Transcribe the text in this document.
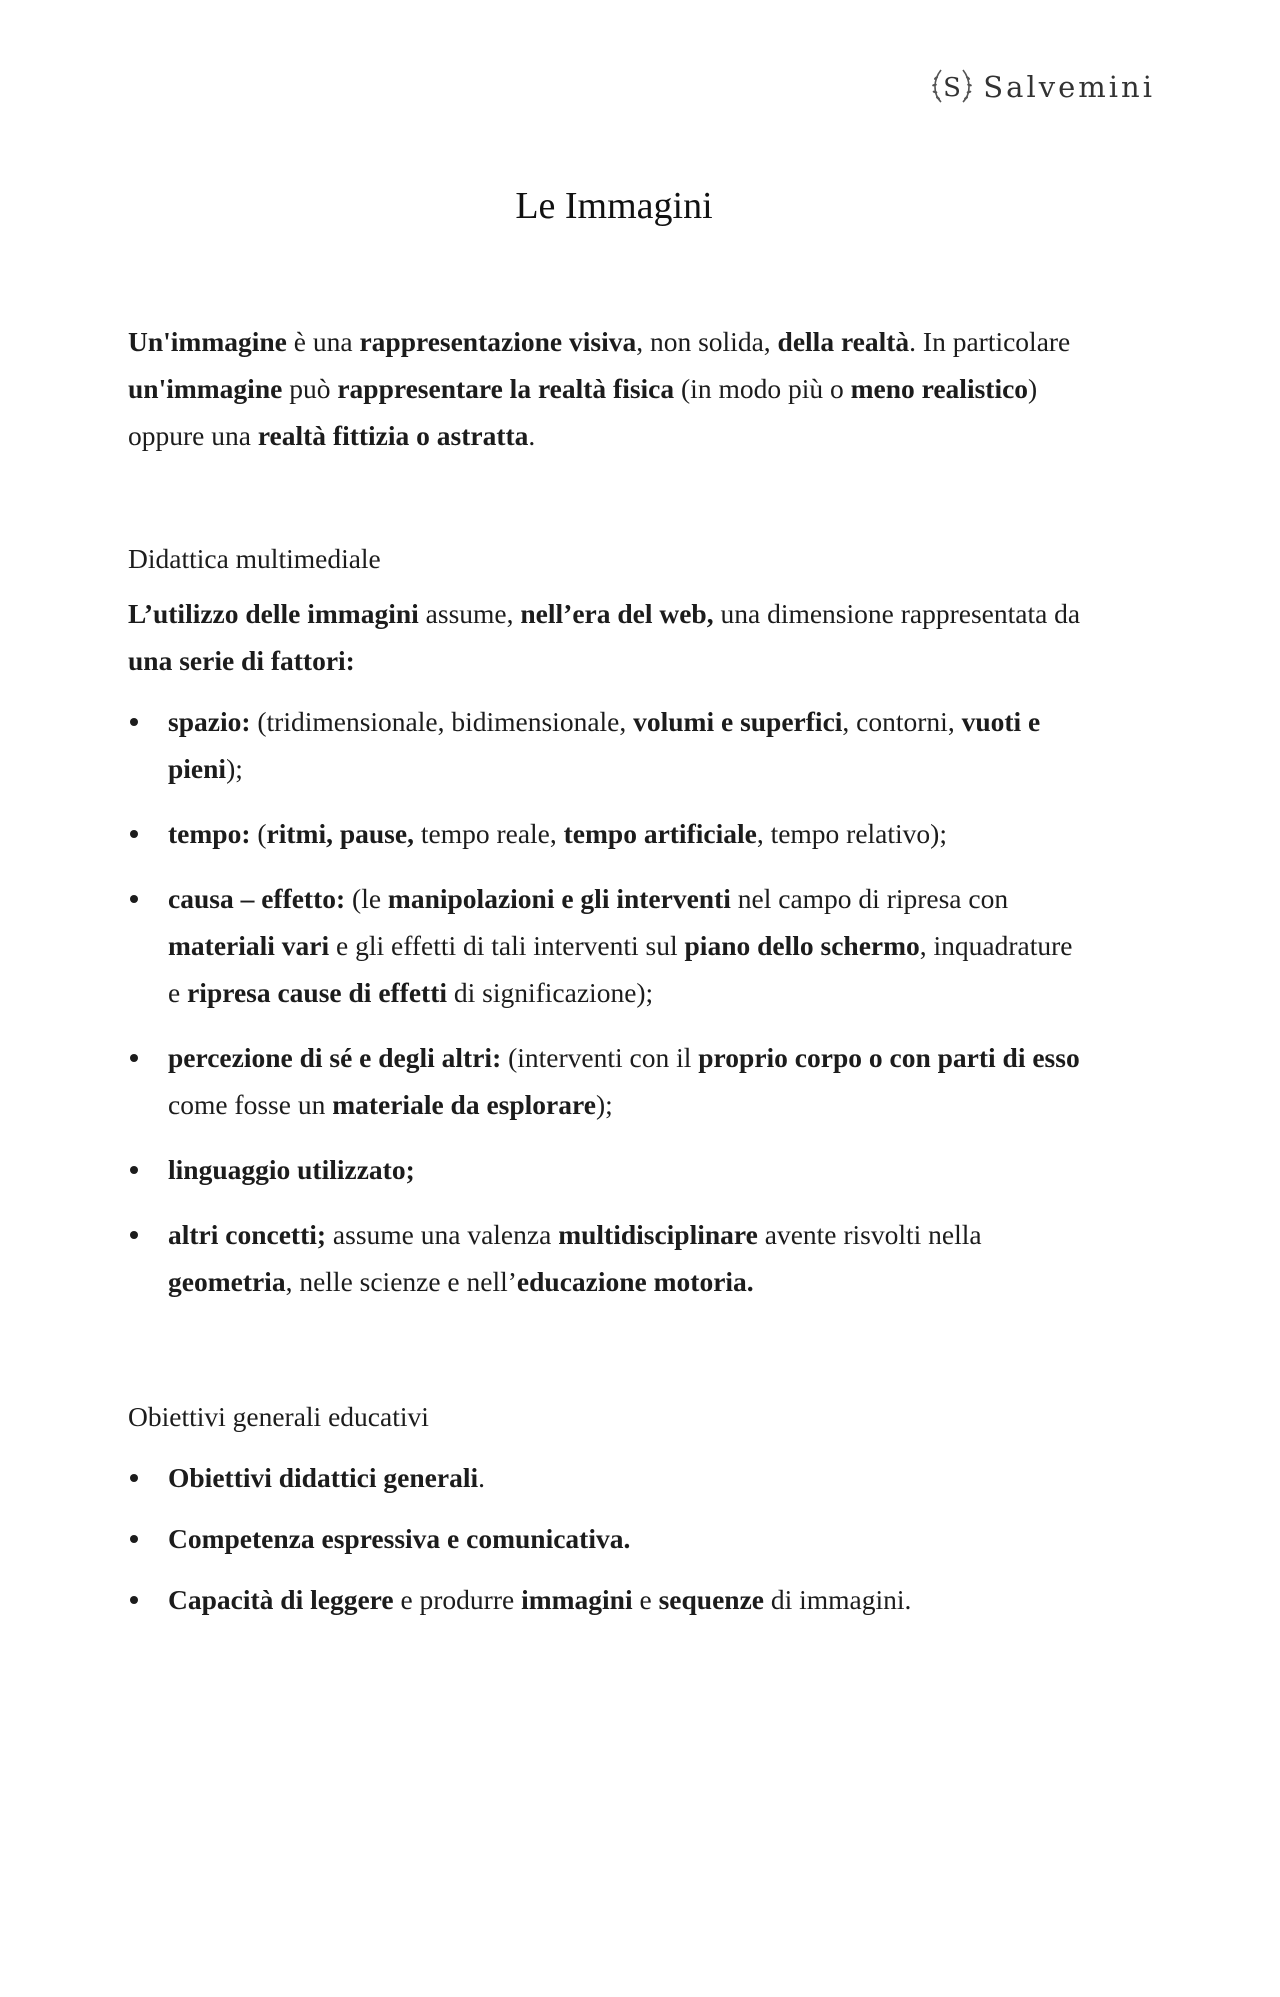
S Salvemini
Le Immagini

Un'immagine è una rappresentazione visiva, non solida, della realtà. In particolare un'immagine può rappresentare la realtà fisica (in modo più o meno realistico) oppure una realtà fittizia o astratta.

Didattica multimediale

L’utilizzo delle immagini assume, nell’era del web, una dimensione rappresentata da una serie di fattori:

spazio: (tridimensionale, bidimensionale, volumi e superfici, contorni, vuoti e pieni);
tempo: (ritmi, pause, tempo reale, tempo artificiale, tempo relativo);
causa – effetto: (le manipolazioni e gli interventi nel campo di ripresa con materiali vari e gli effetti di tali interventi sul piano dello schermo, inquadrature e ripresa cause di effetti di significazione);
percezione di sé e degli altri: (interventi con il proprio corpo o con parti di esso come fosse un materiale da esplorare);
linguaggio utilizzato;
altri concetti; assume una valenza multidisciplinare avente risvolti nella geometria, nelle scienze e nell’educazione motoria.

Obiettivi generali educativi

Obiettivi didattici generali.
Competenza espressiva e comunicativa.
Capacità di leggere e produrre immagini e sequenze di immagini.
